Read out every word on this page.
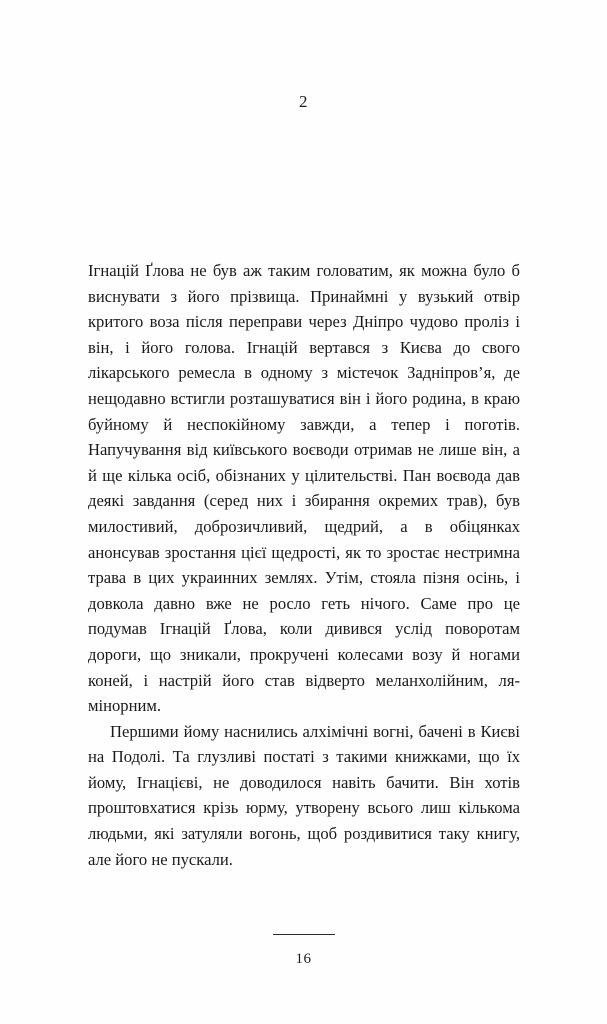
2

Ігнацій Ґлова не був аж таким головатим, як можна було б виснувати з його прізвища. Принаймні у вузький отвір критого воза після переправи через Дніпро чудово проліз і він, і його голова. Ігнацій вертався з Києва до свого лікарського ремесла в одному з містечок Задніпров’я, де нещодавно встигли розташуватися він і його родина, в краю буйному й неспокійному завжди, а тепер і поготів. Напучування від київського воєводи отримав не лише він, а й ще кілька осіб, обізнаних у цілительстві. Пан воєвода дав деякі завдання (серед них і збирання окремих трав), був милостивий, доброзичливий, щедрий, а в обіцянках анонсував зростання цієї щедрості, як то зростає нестримна трава в цих украинних землях. Утім, стояла пізня осінь, і довкола давно вже не росло геть нічого. Саме про це подумав Ігнацій Ґлова, коли дивився услід поворотам дороги, що зникали, прокручені колесами возу й ногами коней, і настрій його став відверто меланхолійним, ля-мінорним.

Першими йому наснились алхімічні вогні, бачені в Києві на Подолі. Та глузливі постаті з такими книжками, що їх йому, Ігнацієві, не доводилося навіть бачити. Він хотів проштовхатися крізь юрму, утворену всього лиш кількома людьми, які затуляли вогонь, щоб роздивитися таку книгу, але його не пускали.

16
